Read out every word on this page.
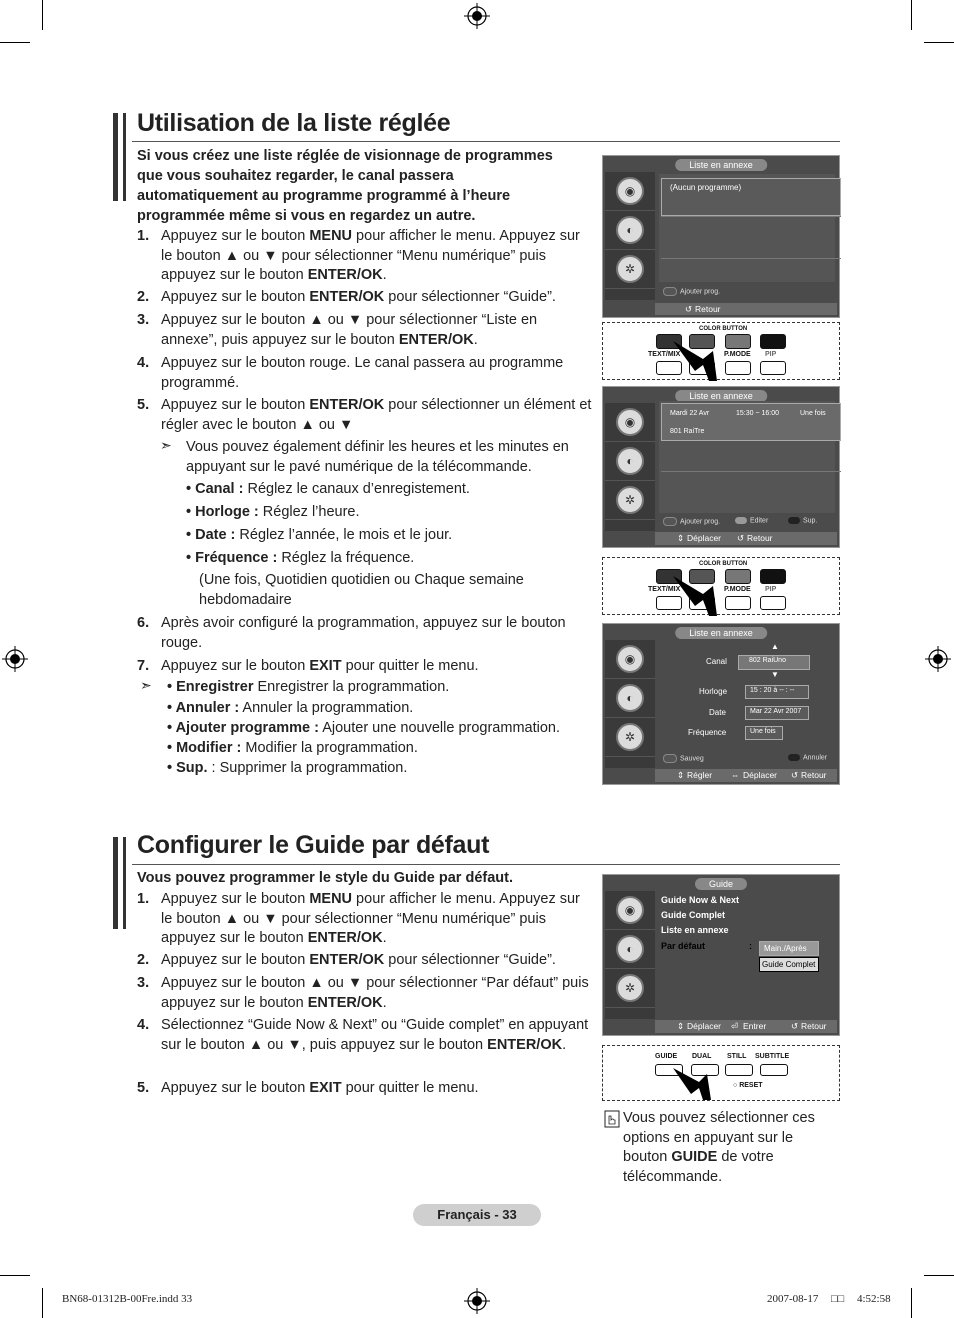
Utilisation de la liste réglée
Si vous créez une liste réglée de visionnage de programmes que vous souhaitez regarder, le canal passera automatiquement au programme programmé à l’heure programmée même si vous en regardez un autre.
1. Appuyez sur le bouton MENU pour afficher le menu. Appuyez sur le bouton ▲ ou ▼ pour sélectionner “Menu numérique” puis appuyez sur le bouton ENTER/OK.
2. Appuyez sur le bouton ENTER/OK pour sélectionner “Guide”.
3. Appuyez sur le bouton ▲ ou ▼ pour sélectionner “Liste en annexe”, puis appuyez sur le bouton ENTER/OK.
4. Appuyez sur le bouton rouge. Le canal passera au programme programmé.
5. Appuyez sur le bouton ENTER/OK pour sélectionner un élément et régler avec le bouton ▲ ou ▼
6. Après avoir configuré la programmation, appuyez sur le bouton rouge.
7. Appuyez sur le bouton EXIT pour quitter le menu.
➣ Vous pouvez également définir les heures et les minutes en appuyant sur le pavé numérique de la télécommande.
• Canal : Réglez le canaux d’enregistement.
• Horloge : Réglez l’heure.
• Date : Réglez l’année, le mois et le jour.
• Fréquence : Réglez la fréquence.
(Une fois, Quotidien quotidien ou Chaque semaine hebdomadaire
➣ • Enregistrer Enregistrer la programmation.
• Annuler : Annuler la programmation.
• Ajouter programme : Ajouter une nouvelle programmation.
• Modifier : Modifier la programmation.
• Sup. : Supprimer la programmation.
Liste en annexe
◉
◐
✲
(Aucun programme)
Ajouter prog.
↺ Retour
COLOR BUTTON
TEXT/MIX	P.MODE PIP
Liste en annexe
◉
◐
✲
Mardi 22 Avr	15:30 ~ 16:00	Une fois
801 RaiTre
Ajouter prog.	Editer	Sup.
⇕ Déplacer ↺ Retour
COLOR BUTTON
TEXT/MIX	P.MODE PIP
Liste en annexe
◉
◐
✲
▲
Canal	802 RaiUno
▼
Horloge	15 : 20 à -- : --
Date	Mar 22 Avr 2007
Fréquence	Une fois
Sauveg	Annuler
⇕ Régler ⇔ Déplacer ↺ Retour
Configurer le Guide par défaut
Vous pouvez programmer le style du Guide par défaut.
1. Appuyez sur le bouton MENU pour afficher le menu. Appuyez sur le bouton ▲ ou ▼ pour sélectionner “Menu numérique” puis appuyez sur le bouton ENTER/OK.
2. Appuyez sur le bouton ENTER/OK pour sélectionner “Guide”.
3. Appuyez sur le bouton ▲ ou ▼ pour sélectionner “Par défaut” puis appuyez sur le bouton ENTER/OK.
4. Sélectionnez “Guide Now & Next” ou “Guide complet” en appuyant sur le bouton ▲ ou ▼, puis appuyez sur le bouton ENTER/OK.
5. Appuyez sur le bouton EXIT pour quitter le menu.
Guide
◉
◐
✲
Guide Now & Next
Guide Complet
Liste en annexe
Par défaut	: Main./Après
Guide Complet
⇕ Déplacer ⏎ Entrer	↺ Retour
GUIDE DUAL STILL SUBTITLE
○ RESET
Vous pouvez sélectionner ces options en appuyant sur le bouton GUIDE de votre télécommande.
Français - 33
BN68-01312B-00Fre.indd 33	2007-08-17 □□ 4:52:58
